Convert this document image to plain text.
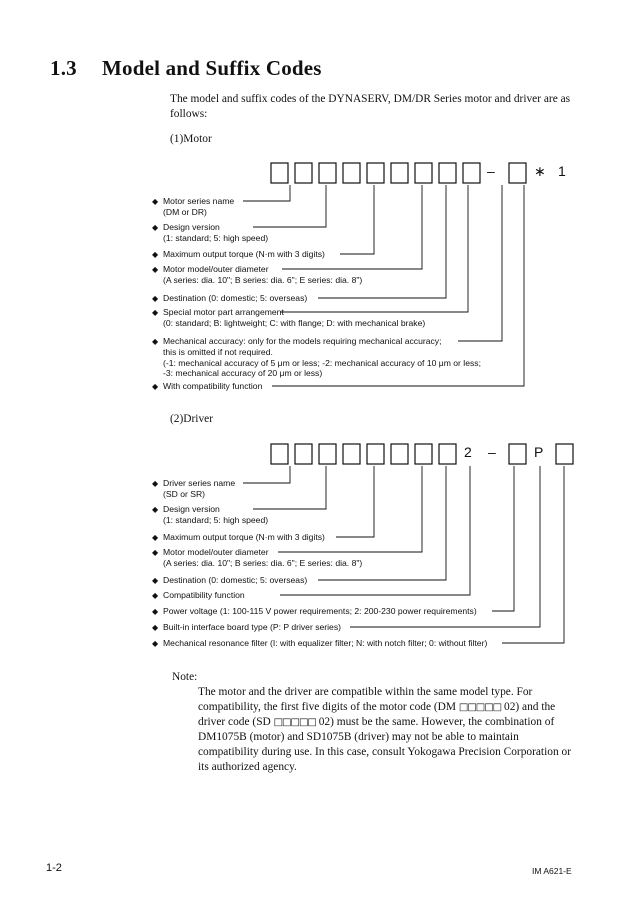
1.3 Model and Suffix Codes
The model and suffix codes of the DYNASERV, DM/DR Series motor and driver are as follows:
(1)Motor
–	∗ 1
◆ Motor series name
(DM or DR)
◆ Design version
(1: standard; 5: high speed)
◆ Maximum output torque (N·m with 3 digits)
◆ Motor model/outer diameter
(A series: dia. 10"; B series: dia. 6"; E series: dia. 8")
◆ Destination (0: domestic; 5: overseas)
◆ Special motor part arrangement
(0: standard; B: lightweight; C: with flange; D: with mechanical brake)
◆ Mechanical accuracy: only for the models requiring mechanical accuracy;
this is omitted if not required.
(-1: mechanical accuracy of 5 μm or less; -2: mechanical accuracy of 10 μm or less;
-3: mechanical accuracy of 20 μm or less)
◆ With compatibility function
(2)Driver
2 –	P
◆ Driver series name
(SD or SR)
◆ Design version
(1: standard; 5: high speed)
◆ Maximum output torque (N·m with 3 digits)
◆ Motor model/outer diameter
(A series: dia. 10"; B series: dia. 6"; E series: dia. 8")
◆ Destination (0: domestic; 5: overseas)
◆ Compatibility function
◆ Power voltage (1: 100-115 V power requirements; 2: 200-230 power requirements)
◆ Built-in interface board type (P: P driver series)
◆ Mechanical resonance filter (I: with equalizer filter; N: with notch filter; 0: without filter)
Note:
The motor and the driver are compatible within the same model type. For compatibility, the first five digits of the motor code (DM □□□□□ 02) and the driver code (SD □□□□□ 02) must be the same. However, the combination of DM1075B (motor) and SD1075B (driver) may not be able to maintain compatibility during use. In this case, consult Yokogawa Precision Corporation or its authorized agency.
1-2	IM A621-E
